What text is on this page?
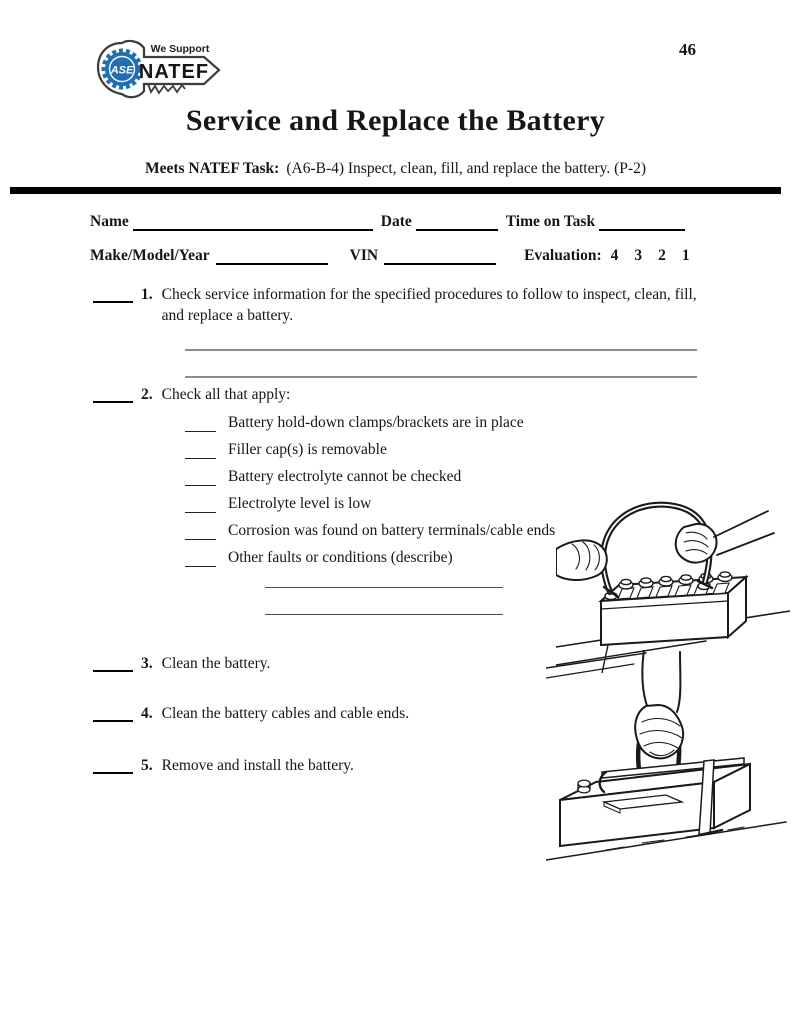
ASE
We Support
NATEF
46
Service and Replace the Battery
Meets NATEF Task: (A6-B-4) Inspect, clean, fill, and replace the battery. (P-2)
Name	Date	Time on Task
Make/Model/Year	VIN	Evaluation: 4 3 2 1
1. Check service information for the specified procedures to follow to inspect, clean, fill, and replace a battery.
2. Check all that apply:
Battery hold-down clamps/brackets are in place
Filler cap(s) is removable
Battery electrolyte cannot be checked
Electrolyte level is low
Corrosion was found on battery terminals/cable ends
Other faults or conditions (describe)
3. Clean the battery.
4. Clean the battery cables and cable ends.
5. Remove and install the battery.
